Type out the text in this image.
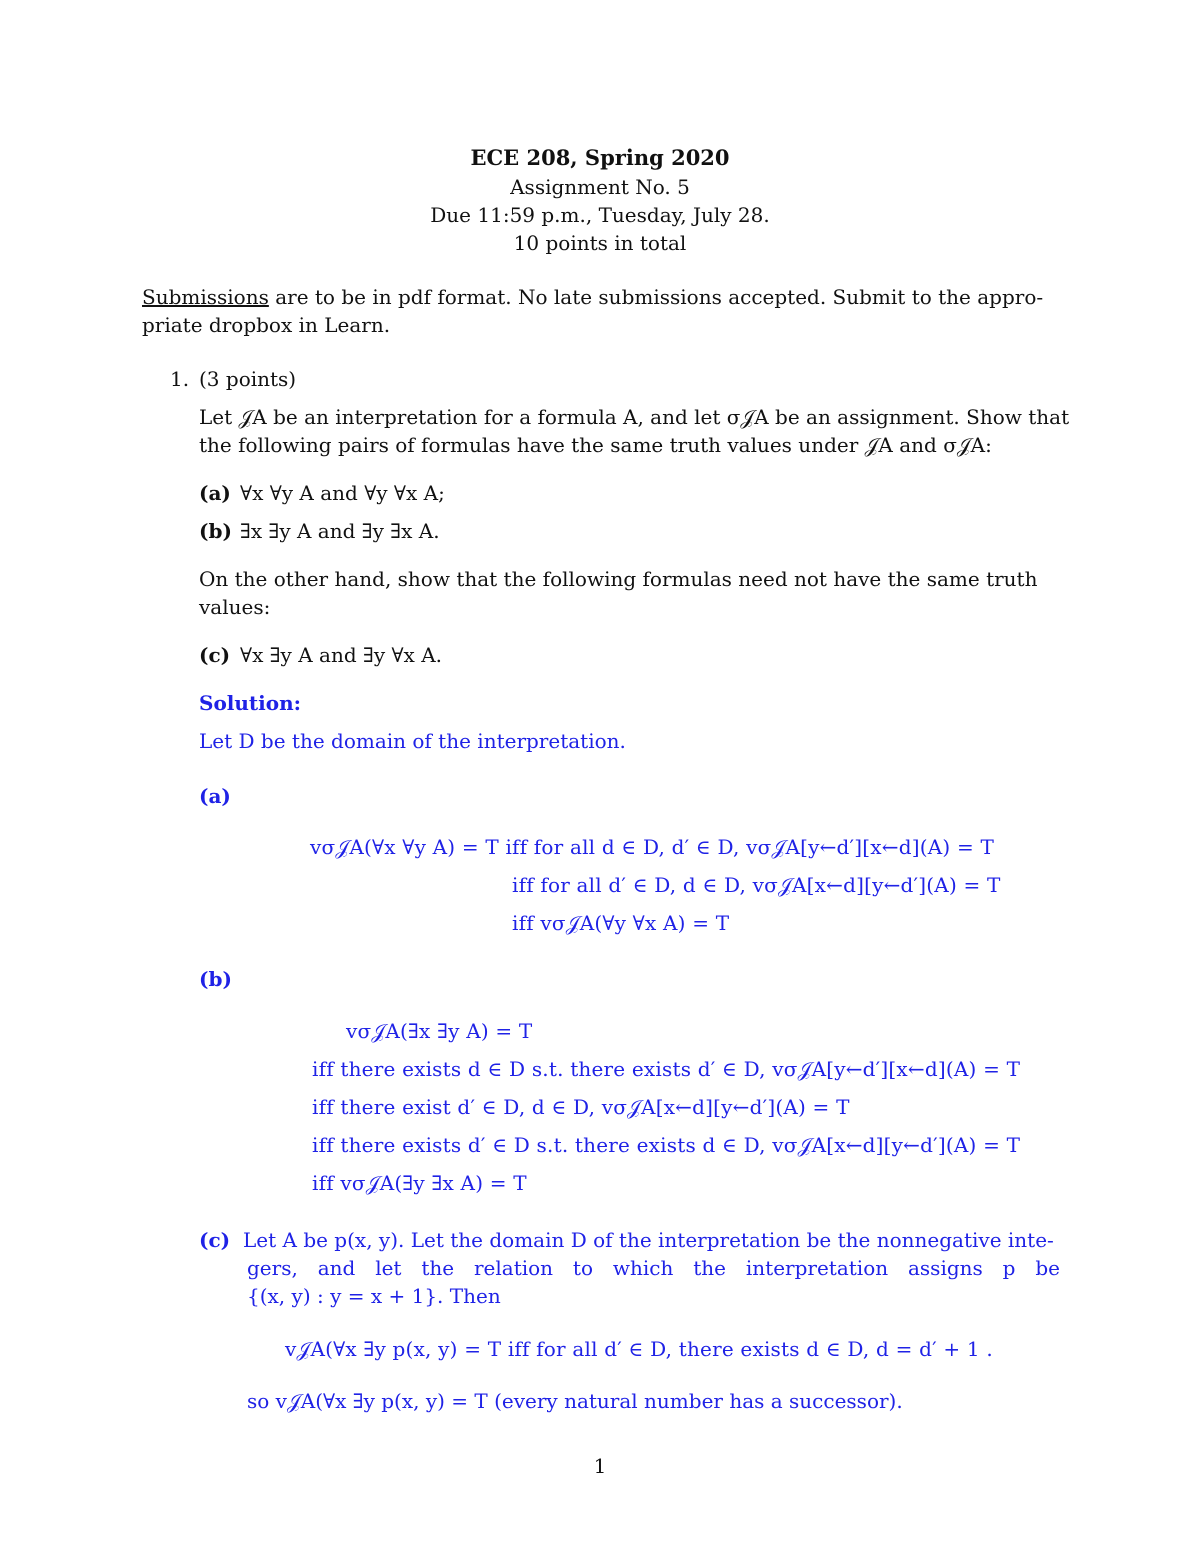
ECE 208, Spring 2020
Assignment No. 5
Due 11:59 p.m., Tuesday, July 28.
10 points in total
Submissions are to be in pdf format. No late submissions accepted. Submit to the appro-
priate dropbox in Learn.
1. (3 points)
Let 𝒥A be an interpretation for a formula A, and let σ𝒥A be an assignment. Show that
the following pairs of formulas have the same truth values under 𝒥A and σ𝒥A:
(a) ∀x ∀y A and ∀y ∀x A;
(b) ∃x ∃y A and ∃y ∃x A.
On the other hand, show that the following formulas need not have the same truth
values:
(c) ∀x ∃y A and ∃y ∀x A.
Solution:
Let D be the domain of the interpretation.
(a)
vσ𝒥A(∀x ∀y A) = T iff for all d ∈ D, d′ ∈ D, vσ𝒥A[y←d′][x←d](A) = T
iff for all d′ ∈ D, d ∈ D, vσ𝒥A[x←d][y←d′](A) = T
iff vσ𝒥A(∀y ∀x A) = T
(b)
vσ𝒥A(∃x ∃y A) = T
iff there exists d ∈ D s.t. there exists d′ ∈ D, vσ𝒥A[y←d′][x←d](A) = T
iff there exist d′ ∈ D, d ∈ D, vσ𝒥A[x←d][y←d′](A) = T
iff there exists d′ ∈ D s.t. there exists d ∈ D, vσ𝒥A[x←d][y←d′](A) = T
iff vσ𝒥A(∃y ∃x A) = T
(c) Let A be p(x, y). Let the domain D of the interpretation be the nonnegative inte-
gers, and let the relation to which the interpretation assigns p be
{(x, y) : y = x + 1}. Then
v𝒥A(∀x ∃y p(x, y) = T iff for all d′ ∈ D, there exists d ∈ D, d = d′ + 1 .
so v𝒥A(∀x ∃y p(x, y) = T (every natural number has a successor).
1
